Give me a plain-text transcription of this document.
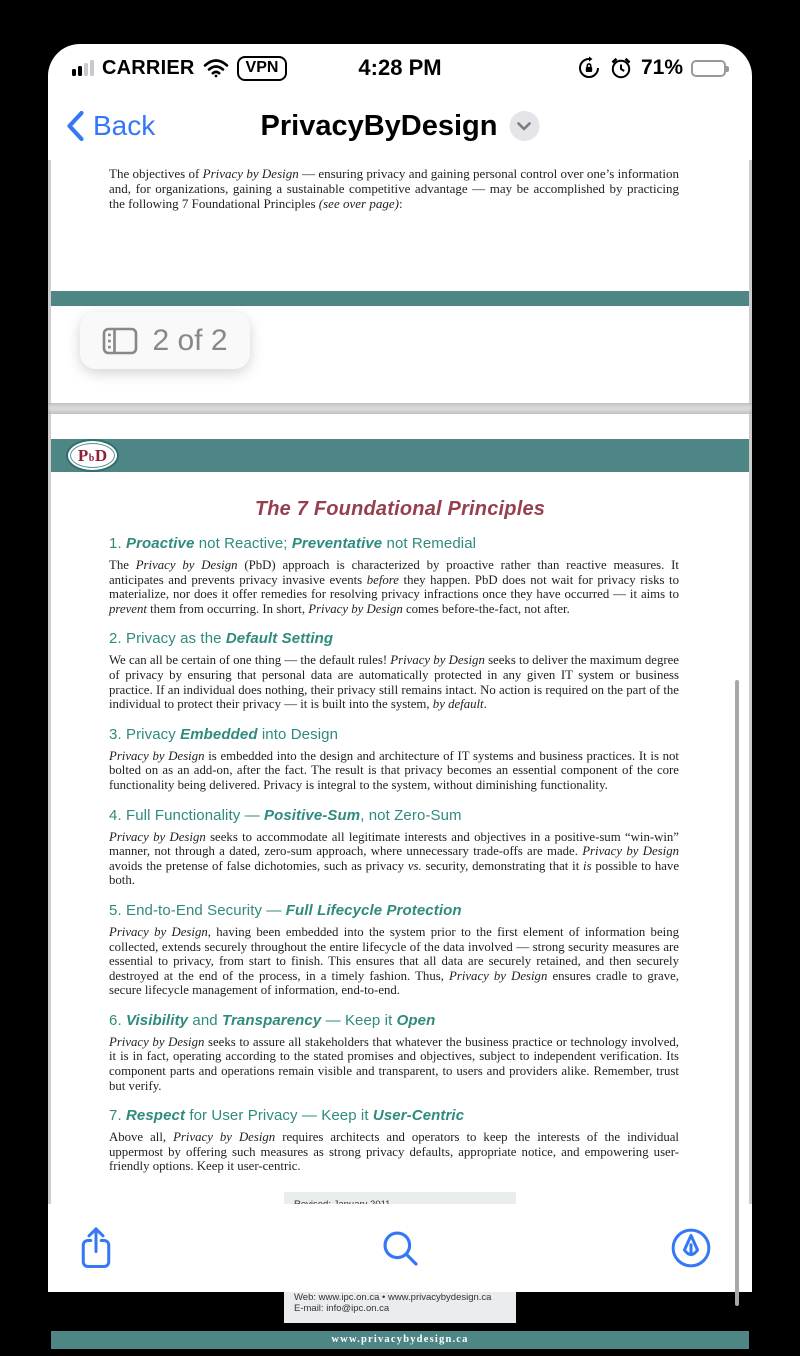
CARRIER	VPN	4:28 PM	71%
Back	PrivacyByDesign

The objectives of Privacy by Design — ensuring privacy and gaining personal control over one’s information and, for organizations, gaining a sustainable competitive advantage — may be accomplished by practicing the following 7 Foundational Principles (see over page):

P b D
The 7 Foundational Principles
1. Proactive not Reactive; Preventative not Remedial

The Privacy by Design (PbD) approach is characterized by proactive rather than reactive measures. It anticipates and prevents privacy invasive events before they happen. PbD does not wait for privacy risks to materialize, nor does it offer remedies for resolving privacy infractions once they have occurred — it aims to prevent them from occurring. In short, Privacy by Design comes before-the-fact, not after.

2. Privacy as the Default Setting

We can all be certain of one thing — the default rules! Privacy by Design seeks to deliver the maximum degree of privacy by ensuring that personal data are automatically protected in any given IT system or business practice. If an individual does nothing, their privacy still remains intact. No action is required on the part of the individual to protect their privacy — it is built into the system, by default.

3. Privacy Embedded into Design

Privacy by Design is embedded into the design and architecture of IT systems and business practices. It is not bolted on as an add-on, after the fact. The result is that privacy becomes an essential component of the core functionality being delivered. Privacy is integral to the system, without diminishing functionality.

4. Full Functionality — Positive-Sum, not Zero-Sum

Privacy by Design seeks to accommodate all legitimate interests and objectives in a positive-sum “win-win” manner, not through a dated, zero-sum approach, where unnecessary trade-offs are made. Privacy by Design avoids the pretense of false dichotomies, such as privacy vs. security, demonstrating that it is possible to have both.

5. End-to-End Security — Full Lifecycle Protection

Privacy by Design, having been embedded into the system prior to the first element of information being collected, extends securely throughout the entire lifecycle of the data involved — strong security measures are essential to privacy, from start to finish. This ensures that all data are securely retained, and then securely destroyed at the end of the process, in a timely fashion. Thus, Privacy by Design ensures cradle to grave, secure lifecycle management of information, end-to-end.

6. Visibility and Transparency — Keep it Open

Privacy by Design seeks to assure all stakeholders that whatever the business practice or technology involved, it is in fact, operating according to the stated promises and objectives, subject to independent verification. Its component parts and operations remain visible and transparent, to users and providers alike. Remember, trust but verify.

7. Respect for User Privacy — Keep it User-Centric

Above all, Privacy by Design requires architects and operators to keep the interests of the individual uppermost by offering such measures as strong privacy defaults, appropriate notice, and empowering user-friendly options. Keep it user-centric.

Web: www.ipc.on.ca • www.privacybydesign.ca
E-mail: info@ipc.on.ca
www.privacybydesign.ca
2 of 2
